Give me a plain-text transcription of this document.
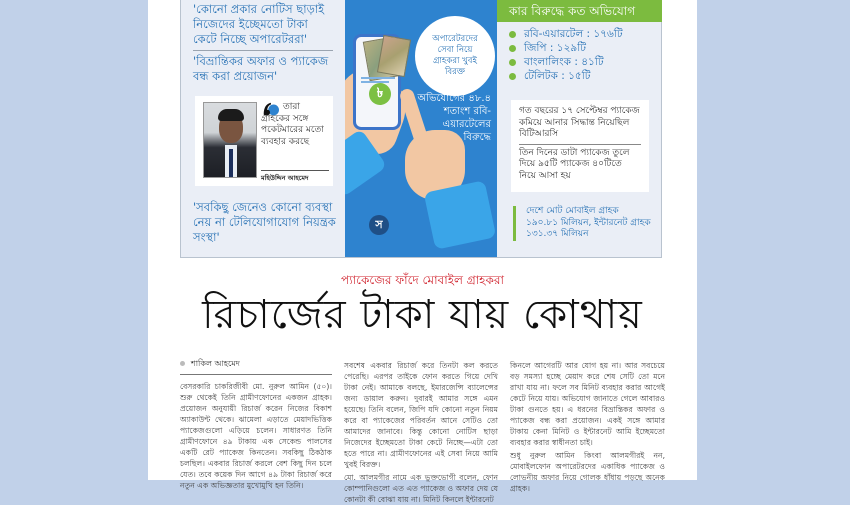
'কোনো প্রকার নোটিস ছাড়াই নিজেদের ইচ্ছেমতো টাকা কেটে নিচ্ছে অপারেটররা'
'বিভ্রান্তিকর অফার ও প্যাকেজ বন্ধ করা প্রয়োজন'
তারা গ্রাহকের সঙ্গে পকেটমারের মতো ব্যবহার করছে
মহিউদ্দিন আহমেদ
'সবকিছু জেনেও কোনো ব্যবস্থা নেয় না টেলিযোগাযোগ নিয়ন্ত্রক সংস্থা'
৳
অপারেটরদের সেবা নিয়ে গ্রাহকরা খুবই বিরক্ত
অভিযোগের ৪৮.৪ শতাংশ রবি-এয়ারটেলের বিরুদ্ধে
স
কার বিরুদ্ধে কত অভিযোগ
রবি-এয়ারটেল : ১৭৬টি
জিপি : ১২৯টি
বাংলালিংক : ৪১টি
টেলিটক : ১৫টি
গত বছরের ১৭ সেপ্টেম্বর প্যাকেজ কমিয়ে আনার সিদ্ধান্ত নিয়েছিল বিটিআরসি
তিন দিনের ডাটা প্যাকেজ তুলে দিয়ে ৯৫টি প্যাকেজ ৪০টিতে নিয়ে আসা হয়
দেশে মোট মোবাইল গ্রাহক ১৯০.৮১ মিলিয়ন, ইন্টারনেট গ্রাহক ১৩১.৩৭ মিলিয়ন
প্যাকেজের ফাঁদে মোবাইল গ্রাহকরা
রিচার্জের টাকা যায় কোথায়
শাকিল আহমেদ

বেসরকারি চাকরিজীবী মো. নুরুল আমিন (৫০)। শুরু থেকেই তিনি গ্রামীণফোনের একজন গ্রাহক। প্রয়োজন অনুযায়ী রিচার্জ করেন নিজের বিকাশ অ্যাকাউন্ট থেকে। ঝামেলা এড়াতে মেয়াদভিত্তিক প্যাকেজগুলো এড়িয়ে চলেন। সাধারণত তিনি গ্রামীণফোনে ৪৯ টাকায় এক সেকেন্ড পালসের একটি রেট প্যাকেজ কিনতেন। সবকিছু ঠিকঠাক চলছিল। একবার রিচার্জ করলে বেশ কিছু দিন চলে যেত। তবে কয়েক দিন আগে ৪৯ টাকা রিচার্জ করে নতুন এক অভিজ্ঞতার মুখোমুখি হন তিনি।

সবশেষ একবার রিচার্জ করে তিনটা কল করতে পেরেছি। এরপর তাইকে ফোন করতে গিয়ে দেখি টাকা নেই। আমাকে বলছে, ইমারজেন্সি ব্যালেন্সের জন্য ডায়াল করুন। দুবারই আমার সঙ্গে এমন হয়েছে। তিনি বলেন, জিপি যদি কোনো নতুন নিয়ম করে বা প্যাকেজের পরিবর্তন আনে সেটিও তো আমাদের জানাবে। কিন্তু কোনো নোটিস ছাড়া নিজেদের ইচ্ছেমতো টাকা কেটে নিচ্ছে—এটা তো হতে পারে না। গ্রামীণফোনের এই সেবা নিয়ে আমি খুবই বিরক্ত।

মো. আলমগীর নামে এক ভুক্তভোগী বলেন, ফোন কোম্পানিগুলো এত এত প্যাকেজ ও অফার দেয় যে কোনটা কী বোঝা যায় না। মিনিট কিনলে ইন্টারনেট

কিনলে আগেরটি আর যোগ হয় না। আর সবচেয়ে বড় সমস্যা হচ্ছে মেয়াদ করে শেষ সেটি তো মনে রাখা যায় না। ফলে সব মিনিট ব্যবহার করার আগেই কেটে নিয়ে যায়। অভিযোগ জানাতে গেলে আবারও টাকা গুনতে হয়। এ ধরনের বিভ্রান্তিকর অফার ও প্যাকেজ বন্ধ করা প্রয়োজন। একই সঙ্গে আমার টাকায় কেনা মিনিট ও ইন্টারনেট আমি ইচ্ছেমতো ব্যবহার করার স্বাধীনতা চাই।

শুধু নুরুল আমিন কিংবা আলমগীরই নন, মোবাইলফোন অপারেটরদের একাধিক প্যাকেজ ও লোভনীয় অফার নিয়ে গোলক ধাঁধায় পড়ছে অনেক গ্রাহক।
